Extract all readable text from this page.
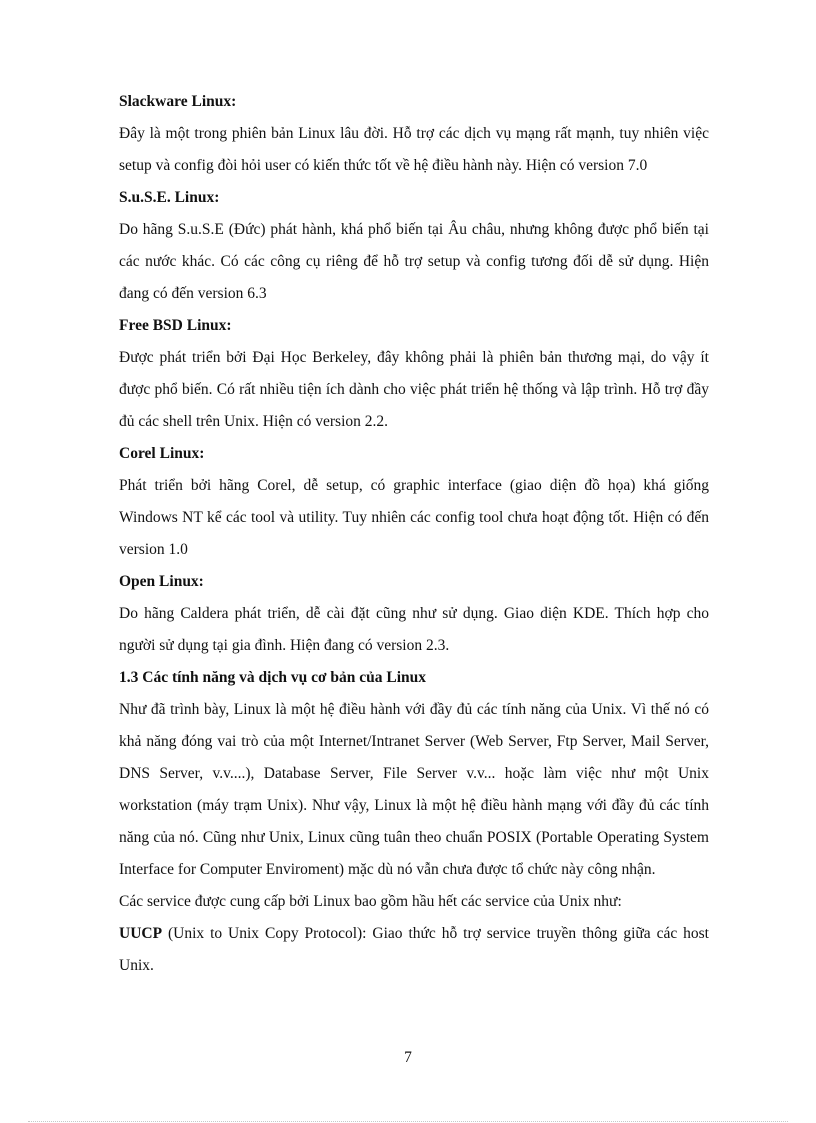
Slackware Linux:

Đây là một trong phiên bản Linux lâu đời. Hỗ trợ các dịch vụ mạng rất mạnh, tuy nhiên việc setup và config đòi hỏi user có kiến thức tốt về hệ điều hành này. Hiện có version 7.0

S.u.S.E. Linux:

Do hãng S.u.S.E (Đức) phát hành, khá phổ biến tại Âu châu, nhưng không được phổ biến tại các nước khác. Có các công cụ riêng để hỗ trợ setup và config tương đối dễ sử dụng. Hiện đang có đến version 6.3

Free BSD Linux:

Được phát triển bởi Đại Học Berkeley, đây không phải là phiên bản thương mại, do vậy ít được phổ biến. Có rất nhiều tiện ích dành cho việc phát triển hệ thống và lập trình. Hỗ trợ đầy đủ các shell trên Unix. Hiện có version 2.2.

Corel Linux:

Phát triển bởi hãng Corel, dễ setup, có graphic interface (giao diện đồ họa) khá giống Windows NT kể các tool và utility. Tuy nhiên các config tool chưa hoạt động tốt. Hiện có đến version 1.0

Open Linux:

Do hãng Caldera phát triển, dễ cài đặt cũng như sử dụng. Giao diện KDE. Thích hợp cho người sử dụng tại gia đình. Hiện đang có version 2.3.

1.3 Các tính năng và dịch vụ cơ bản của Linux

Như đã trình bày, Linux là một hệ điều hành với đầy đủ các tính năng của Unix. Vì thế nó có khả năng đóng vai trò của một Internet/Intranet Server (Web Server, Ftp Server, Mail Server, DNS Server, v.v....), Database Server, File Server v.v... hoặc làm việc như một Unix workstation (máy trạm Unix). Như vậy, Linux là một hệ điều hành mạng với đầy đủ các tính năng của nó. Cũng như Unix, Linux cũng tuân theo chuẩn POSIX (Portable Operating System Interface for Computer Enviroment) mặc dù nó vẫn chưa được tổ chức này công nhận.

Các service được cung cấp bởi Linux bao gồm hầu hết các service của Unix như:

UUCP (Unix to Unix Copy Protocol): Giao thức hỗ trợ service truyền thông giữa các host Unix.

7
